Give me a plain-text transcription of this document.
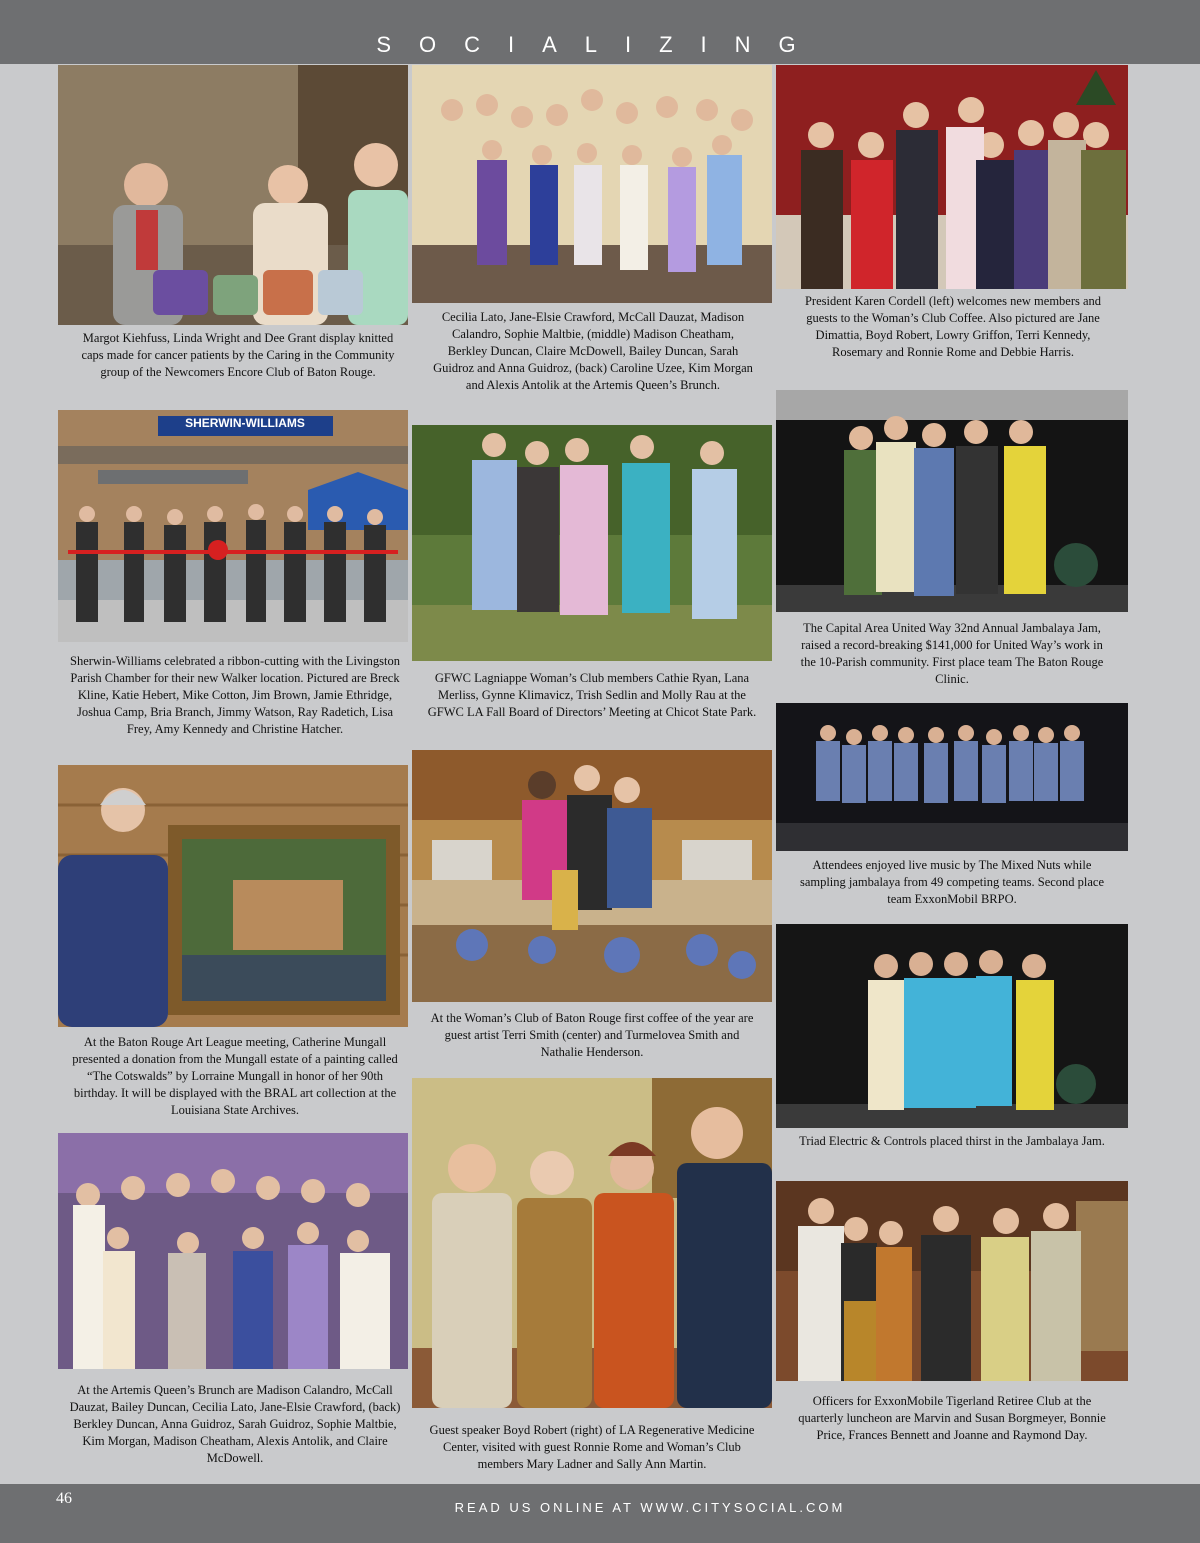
SOCIALIZING
Margot Kiehfuss, Linda Wright and Dee Grant display knitted caps made for cancer patients by the Caring in the Community group of the Newcomers Encore Club of Baton Rouge.
SHERWIN-WILLIAMS
Sherwin-Williams celebrated a ribbon-cutting with the Livingston Parish Chamber for their new Walker location. Pictured are Breck Kline, Katie Hebert, Mike Cotton, Jim Brown, Jamie Ethridge, Joshua Camp, Bria Branch, Jimmy Watson, Ray Radetich, Lisa Frey, Amy Kennedy and Christine Hatcher.
At the Baton Rouge Art League meeting, Catherine Mungall presented a donation from the Mungall estate of a painting called “The Cotswalds” by Lorraine Mungall in honor of her 90th birthday. It will be displayed with the BRAL art collection at the Louisiana State Archives.
At the Artemis Queen’s Brunch are Madison Calandro, McCall Dauzat, Bailey Duncan, Cecilia Lato, Jane-Elsie Crawford, (back) Berkley Duncan, Anna Guidroz, Sarah Guidroz, Sophie Maltbie, Kim Morgan, Madison Cheatham, Alexis Antolik, and Claire McDowell.
Cecilia Lato, Jane-Elsie Crawford, McCall Dauzat, Madison Calandro, Sophie Maltbie, (middle) Madison Cheatham, Berkley Duncan, Claire McDowell, Bailey Duncan, Sarah Guidroz and Anna Guidroz, (back) Caroline Uzee, Kim Morgan and Alexis Antolik at the Artemis Queen’s Brunch.
GFWC Lagniappe Woman’s Club members Cathie Ryan, Lana Merliss, Gynne Klimavicz, Trish Sedlin and Molly Rau at the GFWC LA Fall Board of Directors’ Meeting at Chicot State Park.
At the Woman’s Club of Baton Rouge first coffee of the year are guest artist Terri Smith (center) and Turmelovea Smith and Nathalie Henderson.
Guest speaker Boyd Robert (right) of LA Regenerative Medicine Center, visited with guest Ronnie Rome and Woman’s Club members Mary Ladner and Sally Ann Martin.
President Karen Cordell (left) welcomes new members and guests to the Woman’s Club Coffee. Also pictured are Jane Dimattia, Boyd Robert, Lowry Griffon, Terri Kennedy, Rosemary and Ronnie Rome and Debbie Harris.
The Capital Area United Way 32nd Annual Jambalaya Jam, raised a record-breaking $141,000 for United Way’s work in the 10-Parish community. First place team The Baton Rouge Clinic.
Attendees enjoyed live music by The Mixed Nuts while sampling jambalaya from 49 competing teams. Second place team ExxonMobil BRPO.
Triad Electric & Controls placed thirst in the Jambalaya Jam.
Officers for ExxonMobile Tigerland Retiree Club at the quarterly luncheon are Marvin and Susan Borgmeyer, Bonnie Price, Frances Bennett and Joanne and Raymond Day.
46
READ US ONLINE AT WWW.CITYSOCIAL.COM
